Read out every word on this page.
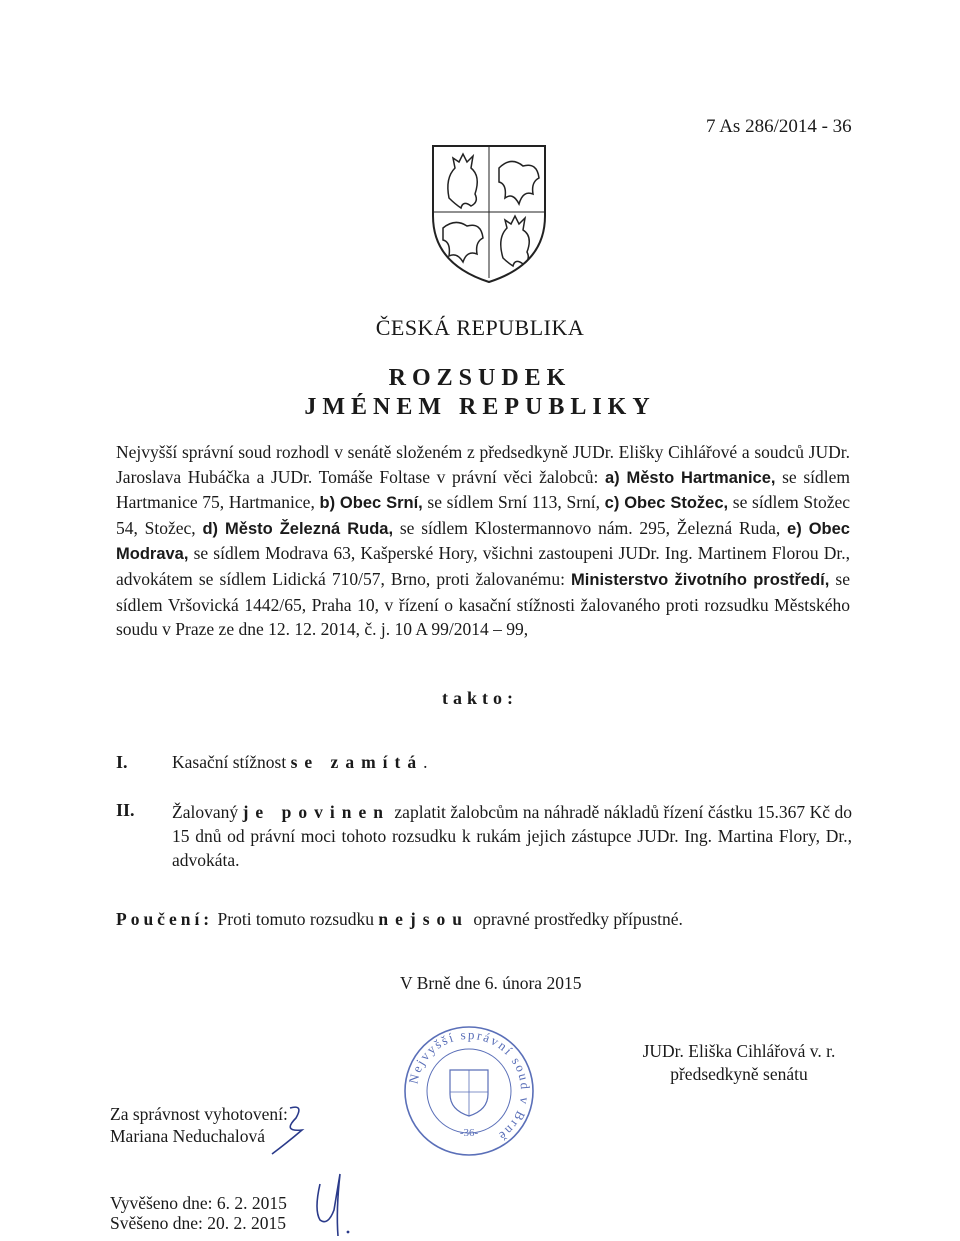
7 As 286/2014 - 36
ČESKÁ REPUBLIKA
ROZSUDEK
JMÉNEM REPUBLIKY
Nejvyšší správní soud rozhodl v senátě složeném z předsedkyně JUDr. Elišky Cihlářové a soudců JUDr. Jaroslava Hubáčka a JUDr. Tomáše Foltase v právní věci žalobců: a) Město Hartmanice, se sídlem Hartmanice 75, Hartmanice, b) Obec Srní, se sídlem Srní 113, Srní, c) Obec Stožec, se sídlem Stožec 54, Stožec, d) Město Železná Ruda, se sídlem Klostermannovo nám. 295, Železná Ruda, e) Obec Modrava, se sídlem Modrava 63, Kašperské Hory, všichni zastoupeni JUDr. Ing. Martinem Florou Dr., advokátem se sídlem Lidická 710/57, Brno, proti žalovanému: Ministerstvo životního prostředí, se sídlem Vršovická 1442/65, Praha 10, v řízení o kasační stížnosti žalovaného proti rozsudku Městského soudu v Praze ze dne 12. 12. 2014, č. j. 10 A 99/2014 – 99,
takto:
I.	Kasační stížnost se zamítá.
II. Žalovaný je povinen zaplatit žalobcům na náhradě nákladů řízení částku 15.367 Kč do 15 dnů od právní moci tohoto rozsudku k rukám jejich zástupce JUDr. Ing. Martina Flory, Dr., advokáta.
Poučení: Proti tomuto rozsudku nejsou opravné prostředky přípustné.
V Brně dne 6. února 2015
Nejvyšší správní soud v Brně
-36-
JUDr. Eliška Cihlářová v. r.
předsedkyně senátu
Za správnost vyhotovení:
Mariana Neduchalová
Vyvěšeno dne: 6. 2. 2015
Svěšeno dne: 20. 2. 2015
